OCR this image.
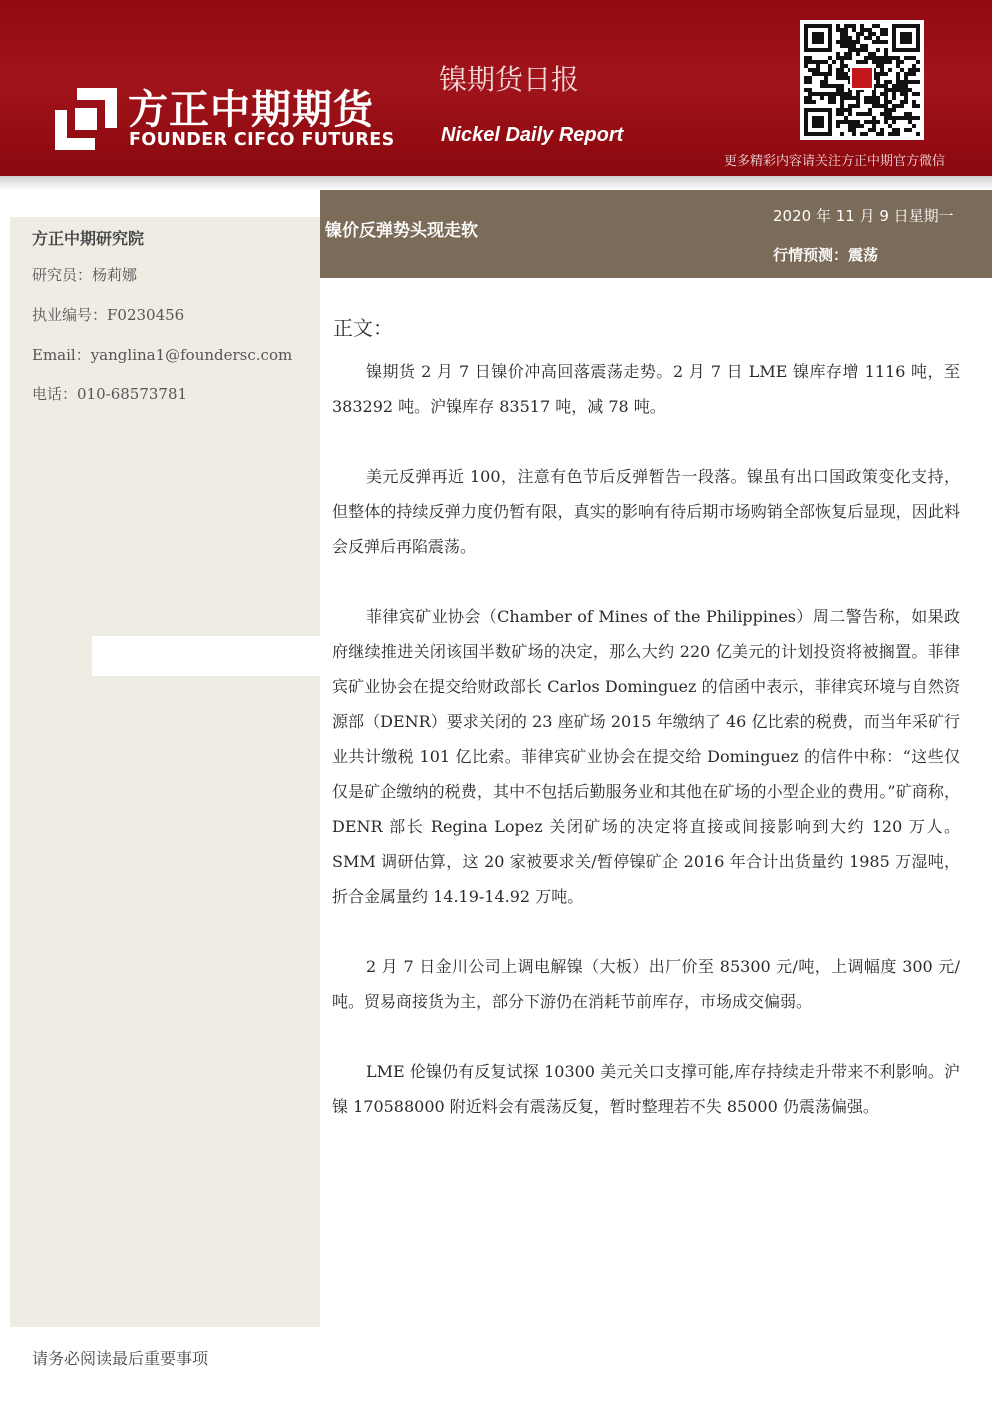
方正中期期货
FOUNDER CIFCO FUTURES
镍期货日报
Nickel Daily Report
更多精彩内容请关注方正中期官方微信
方正中期研究院
研究员：杨莉娜
执业编号：F0230456
Email：yanglina1@foundersc.com
电话：010-68573781
请务必阅读最后重要事项
镍价反弹势头现走软
2020 年 11 月 9 日星期一
行情预测：震荡
正文：

镍期货 2 月 7 日镍价冲高回落震荡走势。2 月 7 日 LME 镍库存增 1116 吨，至 383292 吨。沪镍库存 83517 吨，减 78 吨。

美元反弹再近 100，注意有色节后反弹暂告一段落。镍虽有出口国政策变化支持，但整体的持续反弹力度仍暂有限，真实的影响有待后期市场购销全部恢复后显现，因此料会反弹后再陷震荡。

菲律宾矿业协会（Chamber of Mines of the Philippines）周二警告称，如果政府继续推进关闭该国半数矿场的决定，那么大约 220 亿美元的计划投资将被搁置。菲律宾矿业协会在提交给财政部长 Carlos Dominguez 的信函中表示，菲律宾环境与自然资源部（DENR）要求关闭的 23 座矿场 2015 年缴纳了 46 亿比索的税费，而当年采矿行业共计缴税 101 亿比索。菲律宾矿业协会在提交给 Dominguez 的信件中称：“这些仅仅是矿企缴纳的税费，其中不包括后勤服务业和其他在矿场的小型企业的费用。”矿商称，DENR 部长 Regina Lopez 关闭矿场的决定将直接或间接影响到大约 120 万人。SMM 调研估算，这 20 家被要求关/暂停镍矿企 2016 年合计出货量约 1985 万湿吨，折合金属量约 14.19-14.92 万吨。

2 月 7 日金川公司上调电解镍（大板）出厂价至 85300 元/吨，上调幅度 300 元/吨。贸易商接货为主，部分下游仍在消耗节前库存，市场成交偏弱。

LME 伦镍仍有反复试探 10300 美元关口支撑可能,库存持续走升带来不利影响。沪镍 170588000 附近料会有震荡反复，暂时整理若不失 85000 仍震荡偏强。
